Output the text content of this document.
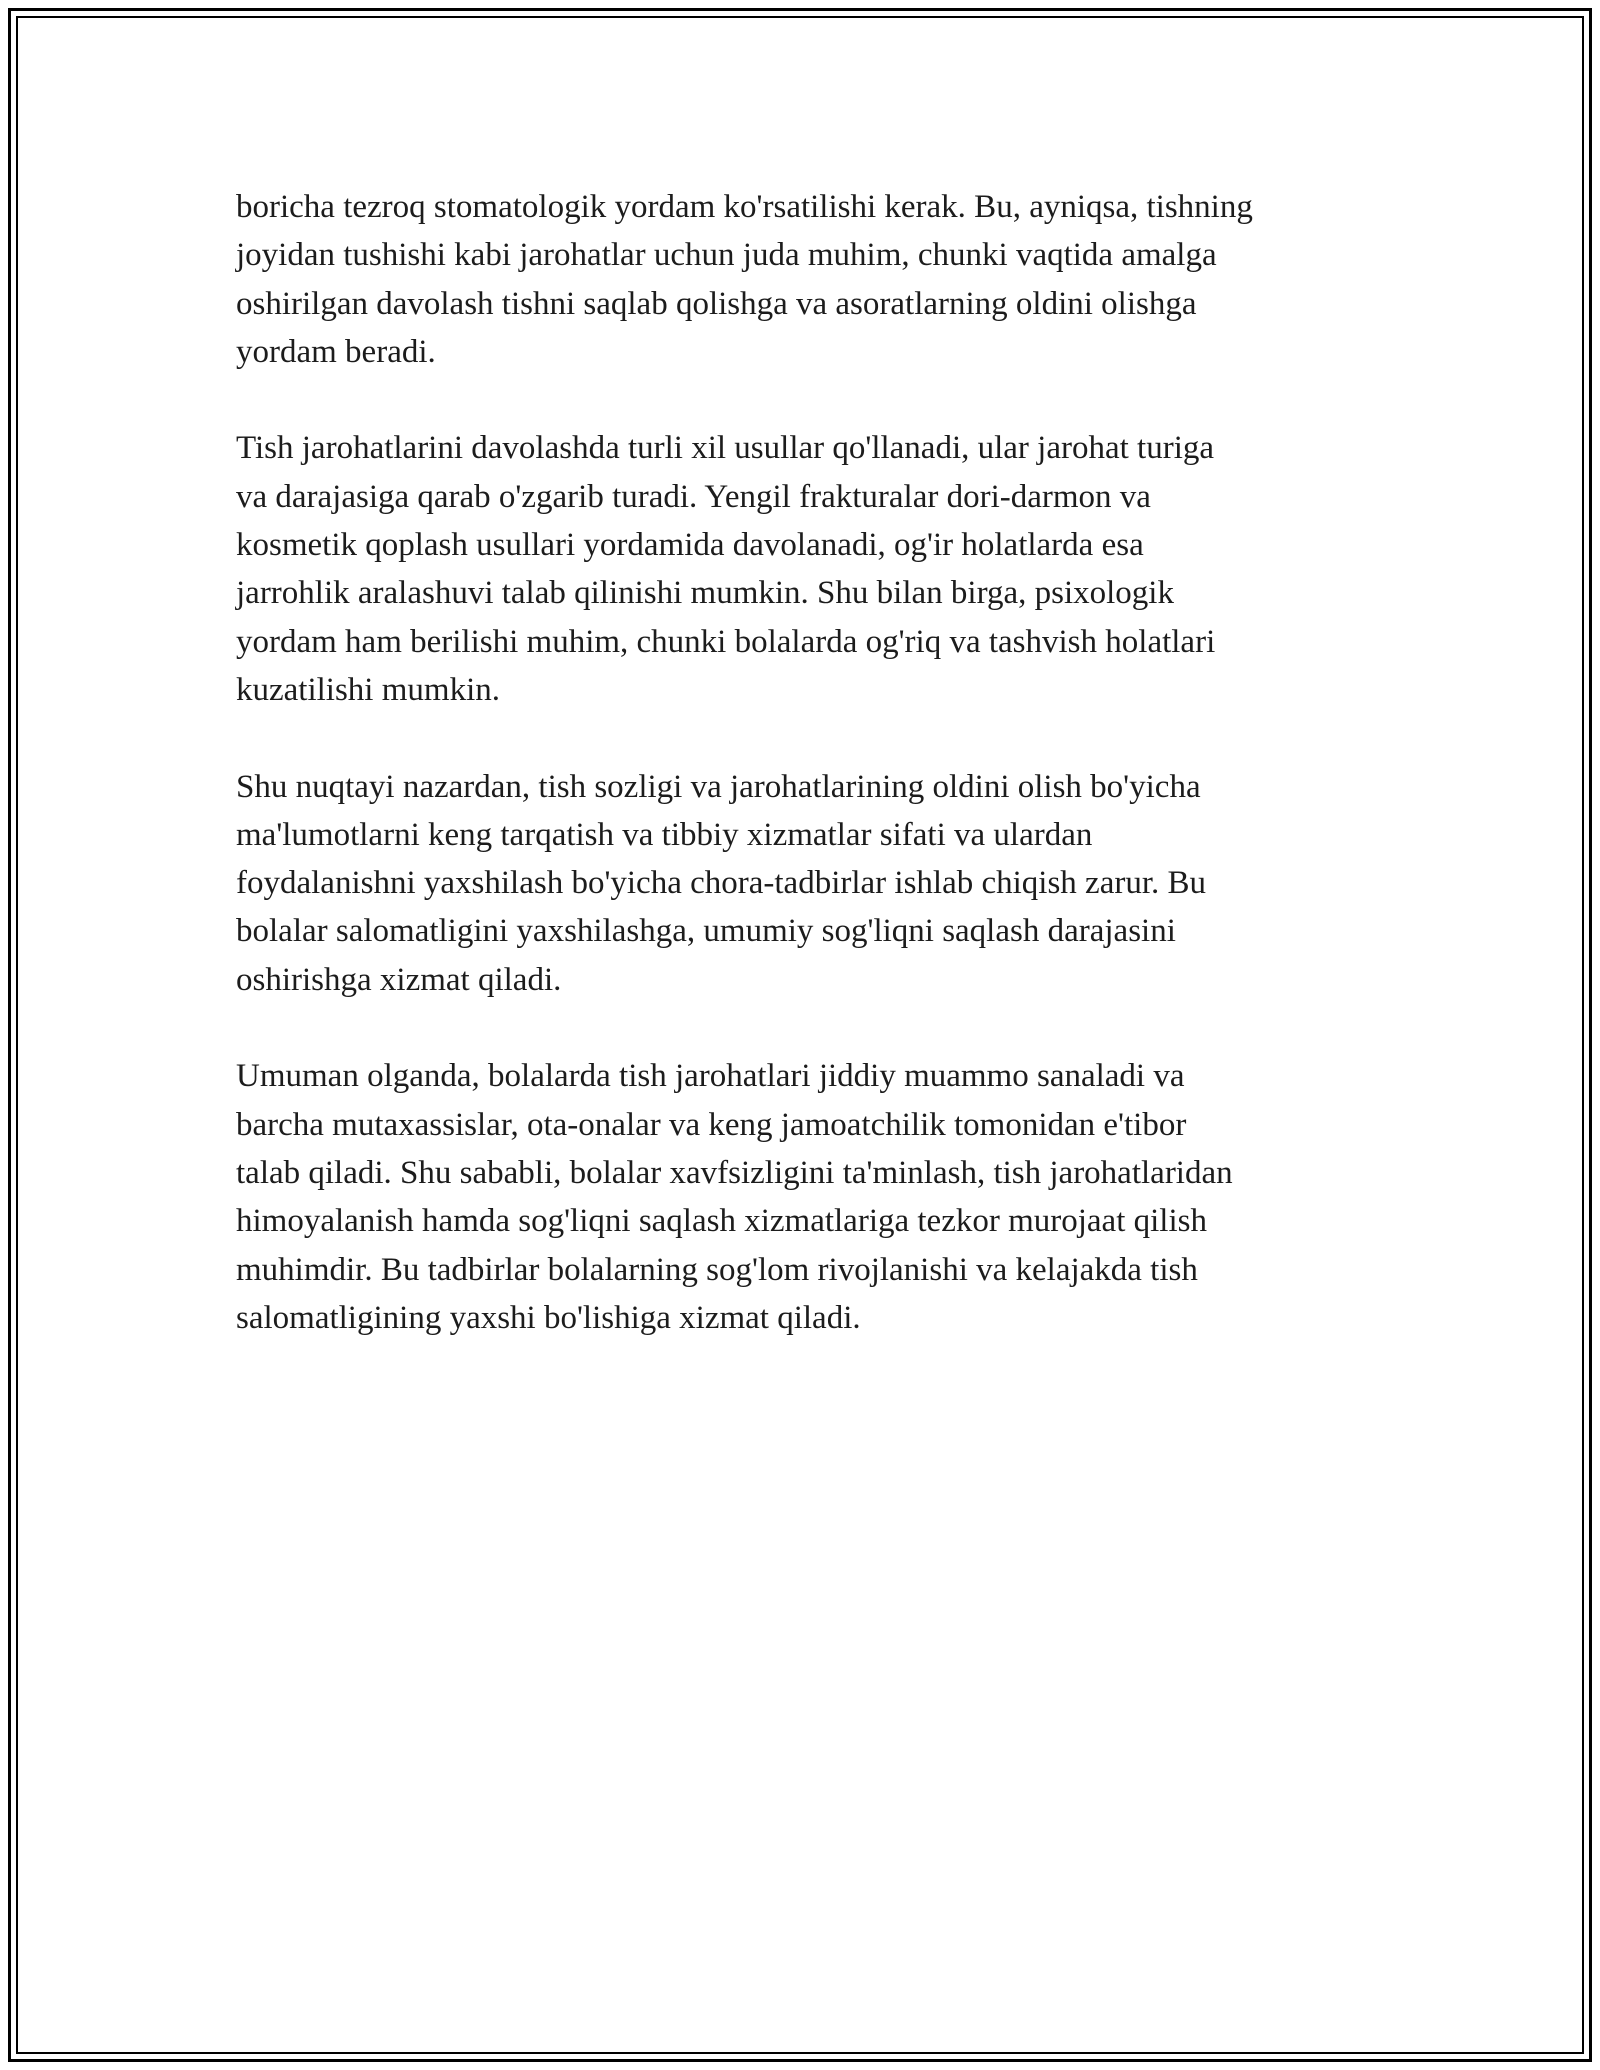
boricha tezroq stomatologik yordam ko'rsatilishi kerak. Bu, ayniqsa, tishning
joyidan tushishi kabi jarohatlar uchun juda muhim, chunki vaqtida amalga
oshirilgan davolash tishni saqlab qolishga va asoratlarning oldini olishga
yordam beradi.

Tish jarohatlarini davolashda turli xil usullar qo'llanadi, ular jarohat turiga
va darajasiga qarab o'zgarib turadi. Yengil frakturalar dori-darmon va
kosmetik qoplash usullari yordamida davolanadi, og'ir holatlarda esa
jarrohlik aralashuvi talab qilinishi mumkin. Shu bilan birga, psixologik
yordam ham berilishi muhim, chunki bolalarda og'riq va tashvish holatlari
kuzatilishi mumkin.

Shu nuqtayi nazardan, tish sozligi va jarohatlarining oldini olish bo'yicha
ma'lumotlarni keng tarqatish va tibbiy xizmatlar sifati va ulardan
foydalanishni yaxshilash bo'yicha chora-tadbirlar ishlab chiqish zarur. Bu
bolalar salomatligini yaxshilashga, umumiy sog'liqni saqlash darajasini
oshirishga xizmat qiladi.

Umuman olganda, bolalarda tish jarohatlari jiddiy muammo sanaladi va
barcha mutaxassislar, ota-onalar va keng jamoatchilik tomonidan e'tibor
talab qiladi. Shu sababli, bolalar xavfsizligini ta'minlash, tish jarohatlaridan
himoyalanish hamda sog'liqni saqlash xizmatlariga tezkor murojaat qilish
muhimdir. Bu tadbirlar bolalarning sog'lom rivojlanishi va kelajakda tish
salomatligining yaxshi bo'lishiga xizmat qiladi.
